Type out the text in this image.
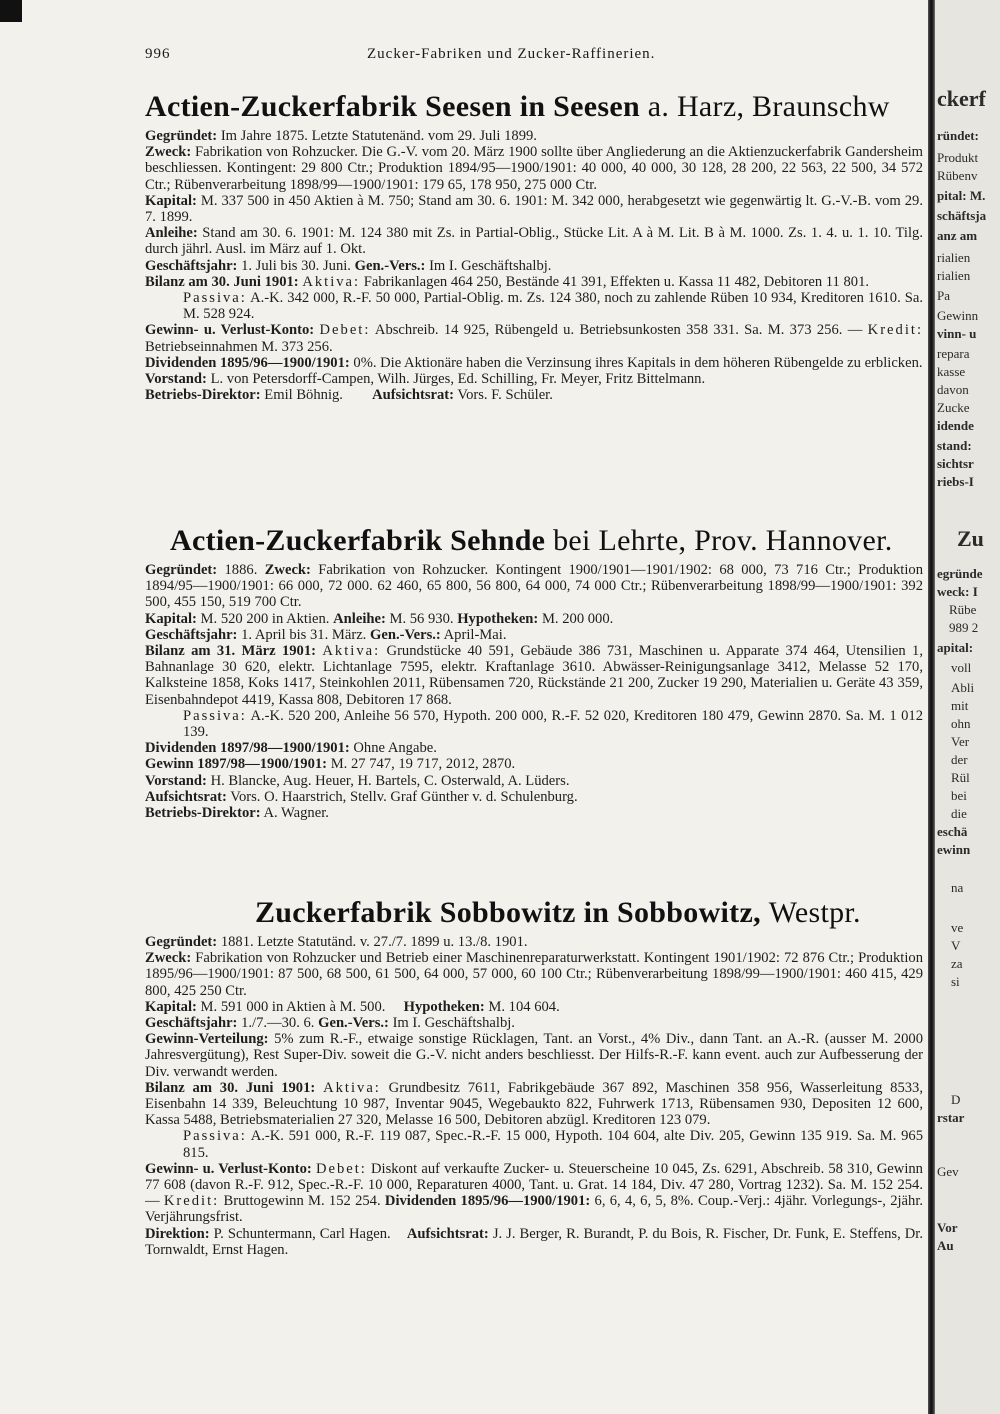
996	Zucker-Fabriken und Zucker-Raffinerien.
Actien-Zuckerfabrik Seesen in Seesen a. Harz, Braunschw

Gegründet: Im Jahre 1875. Letzte Statutenänd. vom 29. Juli 1899.

Zweck: Fabrikation von Rohzucker. Die G.-V. vom 20. März 1900 sollte über Angliederung an die Aktienzuckerfabrik Gandersheim beschliessen. Kontingent: 29 800 Ctr.; Produktion 1894/95—1900/1901: 40 000, 40 000, 30 128, 28 200, 22 563, 22 500, 34 572 Ctr.; Rübenverarbeitung 1898/99—1900/1901: 179 65, 178 950, 275 000 Ctr.

Kapital: M. 337 500 in 450 Aktien à M. 750; Stand am 30. 6. 1901: M. 342 000, herabgesetzt wie gegenwärtig lt. G.-V.-B. vom 29. 7. 1899.

Anleihe: Stand am 30. 6. 1901: M. 124 380 mit Zs. in Partial-Oblig., Stücke Lit. A à M. Lit. B à M. 1000. Zs. 1. 4. u. 1. 10. Tilg. durch jährl. Ausl. im März auf 1. Okt.

Geschäftsjahr: 1. Juli bis 30. Juni. Gen.-Vers.: Im I. Geschäftshalbj.

Bilanz am 30. Juni 1901: Aktiva: Fabrikanlagen 464 250, Bestände 41 391, Effekten u. Kassa 11 482, Debitoren 11 801.

Passiva: A.-K. 342 000, R.-F. 50 000, Partial-Oblig. m. Zs. 124 380, noch zu zahlende Rüben 10 934, Kreditoren 1610. Sa. M. 528 924.

Gewinn- u. Verlust-Konto: Debet: Abschreib. 14 925, Rübengeld u. Betriebsunkosten 358 331. Sa. M. 373 256. — Kredit: Betriebseinnahmen M. 373 256.

Dividenden 1895/96—1900/1901: 0%. Die Aktionäre haben die Verzinsung ihres Kapitals in dem höheren Rübengelde zu erblicken.

Vorstand: L. von Petersdorff-Campen, Wilh. Jürges, Ed. Schilling, Fr. Meyer, Fritz Bittelmann.

Betriebs-Direktor: Emil Böhnig. Aufsichtsrat: Vors. F. Schüler.

Actien-Zuckerfabrik Sehnde bei Lehrte, Prov. Hannover.

Gegründet: 1886. Zweck: Fabrikation von Rohzucker. Kontingent 1900/1901—1901/1902: 68 000, 73 716 Ctr.; Produktion 1894/95—1900/1901: 66 000, 72 000. 62 460, 65 800, 56 800, 64 000, 74 000 Ctr.; Rübenverarbeitung 1898/99—1900/1901: 392 500, 455 150, 519 700 Ctr.

Kapital: M. 520 200 in Aktien. Anleihe: M. 56 930. Hypotheken: M. 200 000.

Geschäftsjahr: 1. April bis 31. März. Gen.-Vers.: April-Mai.

Bilanz am 31. März 1901: Aktiva: Grundstücke 40 591, Gebäude 386 731, Maschinen u. Apparate 374 464, Utensilien 1, Bahnanlage 30 620, elektr. Lichtanlage 7595, elektr. Kraftanlage 3610. Abwässer-Reinigungsanlage 3412, Melasse 52 170, Kalksteine 1858, Koks 1417, Steinkohlen 2011, Rübensamen 720, Rückstände 21 200, Zucker 19 290, Materialien u. Geräte 43 359, Eisenbahndepot 4419, Kassa 808, Debitoren 17 868.

Passiva: A.-K. 520 200, Anleihe 56 570, Hypoth. 200 000, R.-F. 52 020, Kreditoren 180 479, Gewinn 2870. Sa. M. 1 012 139.

Dividenden 1897/98—1900/1901: Ohne Angabe.

Gewinn 1897/98—1900/1901: M. 27 747, 19 717, 2012, 2870.

Vorstand: H. Blancke, Aug. Heuer, H. Bartels, C. Osterwald, A. Lüders.

Aufsichtsrat: Vors. O. Haarstrich, Stellv. Graf Günther v. d. Schulenburg.

Betriebs-Direktor: A. Wagner.

Zuckerfabrik Sobbowitz in Sobbowitz, Westpr.

Gegründet: 1881. Letzte Statutänd. v. 27./7. 1899 u. 13./8. 1901.

Zweck: Fabrikation von Rohzucker und Betrieb einer Maschinenreparaturwerkstatt. Kontingent 1901/1902: 72 876 Ctr.; Produktion 1895/96—1900/1901: 87 500, 68 500, 61 500, 64 000, 57 000, 60 100 Ctr.; Rübenverarbeitung 1898/99—1900/1901: 460 415, 429 800, 425 250 Ctr.

Kapital: M. 591 000 in Aktien à M. 500. Hypotheken: M. 104 604.

Geschäftsjahr: 1./7.—30. 6. Gen.-Vers.: Im I. Geschäftshalbj.

Gewinn-Verteilung: 5% zum R.-F., etwaige sonstige Rücklagen, Tant. an Vorst., 4% Div., dann Tant. an A.-R. (ausser M. 2000 Jahresvergütung), Rest Super-Div. soweit die G.-V. nicht anders beschliesst. Der Hilfs-R.-F. kann event. auch zur Aufbesserung der Div. verwandt werden.

Bilanz am 30. Juni 1901: Aktiva: Grundbesitz 7611, Fabrikgebäude 367 892, Maschinen 358 956, Wasserleitung 8533, Eisenbahn 14 339, Beleuchtung 10 987, Inventar 9045, Wegebaukto 822, Fuhrwerk 1713, Rübensamen 930, Depositen 12 600, Kassa 5488, Betriebsmaterialien 27 320, Melasse 16 500, Debitoren abzügl. Kreditoren 123 079.

Passiva: A.-K. 591 000, R.-F. 119 087, Spec.-R.-F. 15 000, Hypoth. 104 604, alte Div. 205, Gewinn 135 919. Sa. M. 965 815.

Gewinn- u. Verlust-Konto: Debet: Diskont auf verkaufte Zucker- u. Steuerscheine 10 045, Zs. 6291, Abschreib. 58 310, Gewinn 77 608 (davon R.-F. 912, Spec.-R.-F. 10 000, Reparaturen 4000, Tant. u. Grat. 14 184, Div. 47 280, Vortrag 1232). Sa. M. 152 254. — Kredit: Bruttogewinn M. 152 254. Dividenden 1895/96—1900/1901: 6, 6, 4, 6, 5, 8%. Coup.-Verj.: 4jähr. Vorlegungs-, 2jähr. Verjährungsfrist.

Direktion: P. Schuntermann, Carl Hagen. Aufsichtsrat: J. J. Berger, R. Burandt, P. du Bois, R. Fischer, Dr. Funk, E. Steffens, Dr. Tornwaldt, Ernst Hagen.

ckerf
ründet:
Produkt
Rübenv
pital: M.
schäftsja
anz am
rialien
rialien
Pa
Gewinn
vinn- u
repara
kasse
davon
Zucke
idende
stand:
sichtsr
riebs-I
Zu
egründe
weck: I
Rübe
989 2
apital:
voll
Abli
mit
ohn
Ver
der
Rül
bei
die
eschä
ewinn
na
ve
V
za
si
D
rstar
Gev
Vor
Au
